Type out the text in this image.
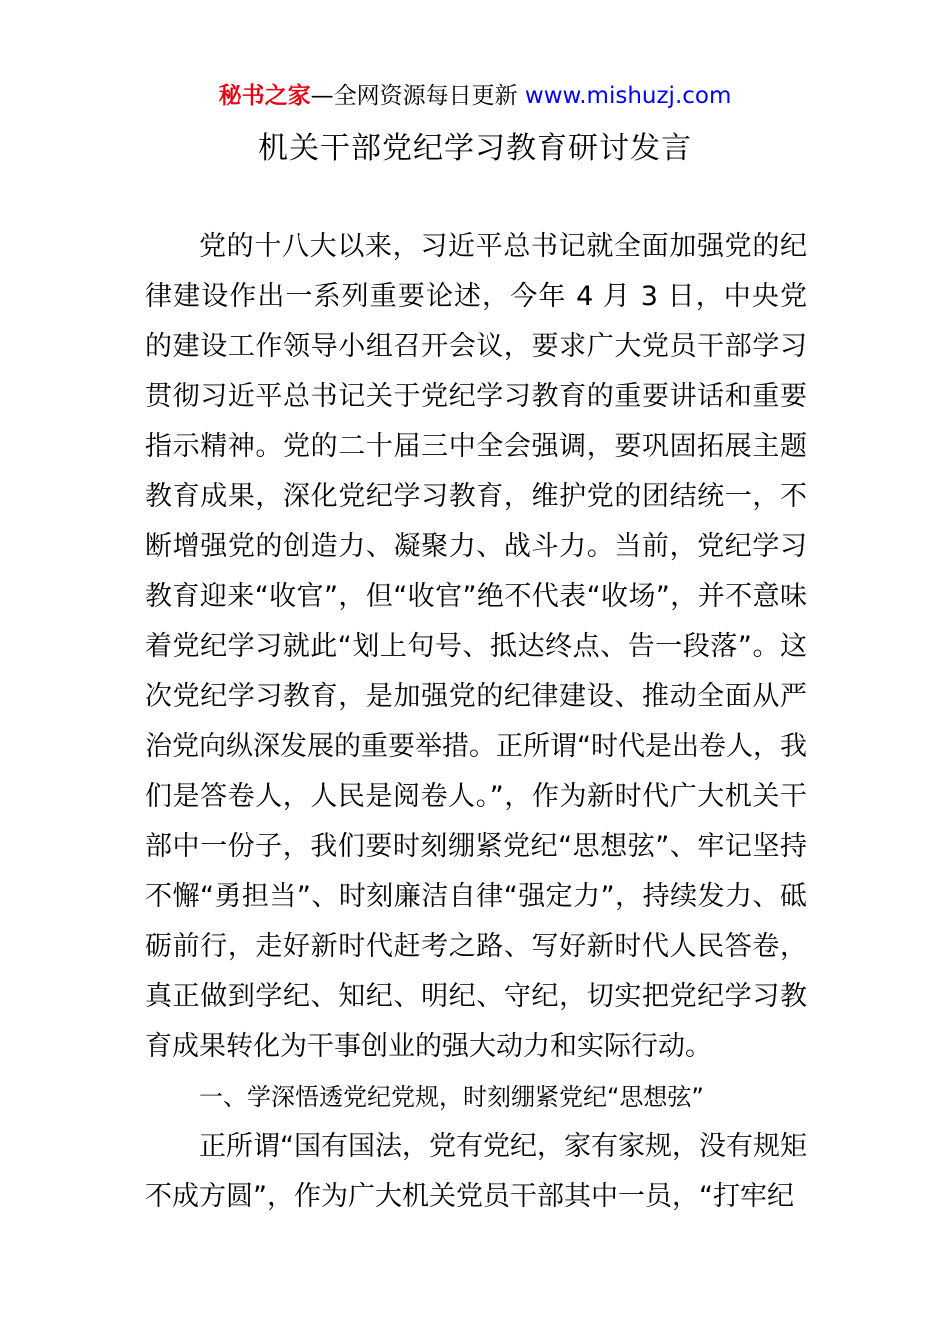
秘书之家—全网资源每日更新 www.mishuzj.com
机关干部党纪学习教育研讨发言

党的十八大以来，习近平总书记就全面加强党的纪律建设作出一系列重要论述，今年 4 月 3 日，中央党的建设工作领导小组召开会议，要求广大党员干部学习贯彻习近平总书记关于党纪学习教育的重要讲话和重要指示精神。党的二十届三中全会强调，要巩固拓展主题教育成果，深化党纪学习教育，维护党的团结统一，不断增强党的创造力、凝聚力、战斗力。当前，党纪学习教育迎来“收官”，但“收官”绝不代表“收场”，并不意味着党纪学习就此“划上句号、抵达终点、告一段落”。这次党纪学习教育，是加强党的纪律建设、推动全面从严治党向纵深发展的重要举措。正所谓“时代是出卷人，我们是答卷人，人民是阅卷人。”，作为新时代广大机关干部中一份子，我们要时刻绷紧党纪“思想弦”、牢记坚持不懈“勇担当”、时刻廉洁自律“强定力”，持续发力、砥砺前行，走好新时代赶考之路、写好新时代人民答卷，真正做到学纪、知纪、明纪、守纪，切实把党纪学习教育成果转化为干事创业的强大动力和实际行动。

一、学深悟透党纪党规，时刻绷紧党纪“思想弦”

正所谓“国有国法，党有党纪，家有家规，没有规矩不成方圆”，作为广大机关党员干部其中一员，“打牢纪
